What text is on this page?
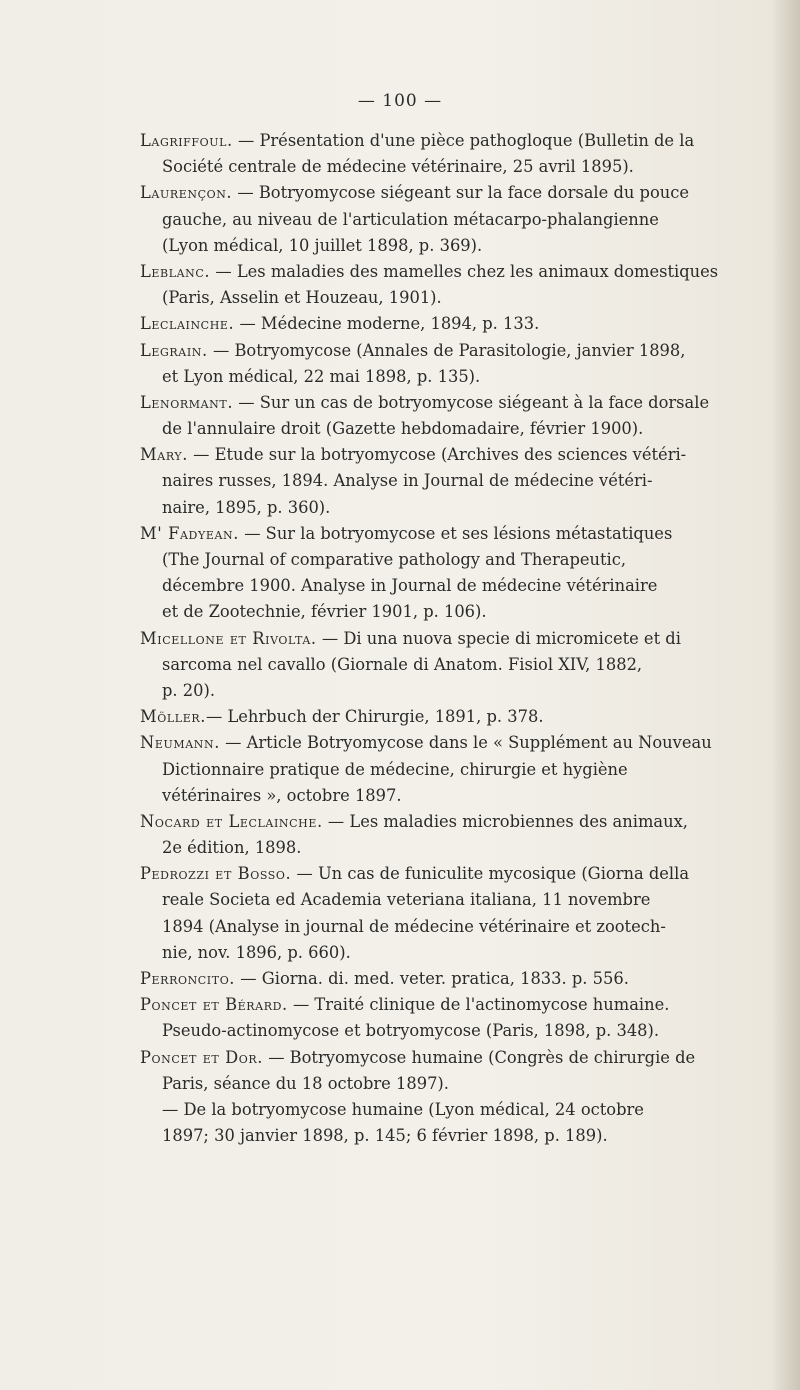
— 100 —
Lagriffoul. — Présentation d'une pièce pathogloque (Bulletin de la
Société centrale de médecine vétérinaire, 25 avril 1895).
Laurençon. — Botryomycose siégeant sur la face dorsale du pouce
gauche, au niveau de l'articulation métacarpo-phalangienne
(Lyon médical, 10 juillet 1898, p. 369).
Leblanc. — Les maladies des mamelles chez les animaux domestiques
(Paris, Asselin et Houzeau, 1901).
Leclainche. — Médecine moderne, 1894, p. 133.
Legrain. — Botryomycose (Annales de Parasitologie, janvier 1898,
et Lyon médical, 22 mai 1898, p. 135).
Lenormant. — Sur un cas de botryomycose siégeant à la face dorsale
de l'annulaire droit (Gazette hebdomadaire, février 1900).
Mary. — Etude sur la botryomycose (Archives des sciences vétéri-
naires russes, 1894. Analyse in Journal de médecine vétéri-
naire, 1895, p. 360).
M' Fadyean. — Sur la botryomycose et ses lésions métastatiques
(The Journal of comparative pathology and Therapeutic,
décembre 1900. Analyse in Journal de médecine vétérinaire
et de Zootechnie, février 1901, p. 106).
Micellone et Rivolta. — Di una nuova specie di micromicete et di
sarcoma nel cavallo (Giornale di Anatom. Fisiol XIV, 1882,
p. 20).
Möller.— Lehrbuch der Chirurgie, 1891, p. 378.
Neumann. — Article Botryomycose dans le « Supplément au Nouveau
Dictionnaire pratique de médecine, chirurgie et hygiène
vétérinaires », octobre 1897.
Nocard et Leclainche. — Les maladies microbiennes des animaux,
2e édition, 1898.
Pedrozzi et Bosso. — Un cas de funiculite mycosique (Giorna della
reale Societa ed Academia veteriana italiana, 11 novembre
1894 (Analyse in journal de médecine vétérinaire et zootech-
nie, nov. 1896, p. 660).
Perroncito. — Giorna. di. med. veter. pratica, 1833. p. 556.
Poncet et Bérard. — Traité clinique de l'actinomycose humaine.
Pseudo-actinomycose et botryomycose (Paris, 1898, p. 348).
Poncet et Dor. — Botryomycose humaine (Congrès de chirurgie de
Paris, séance du 18 octobre 1897).
— De la botryomycose humaine (Lyon médical, 24 octobre
1897; 30 janvier 1898, p. 145; 6 février 1898, p. 189).
